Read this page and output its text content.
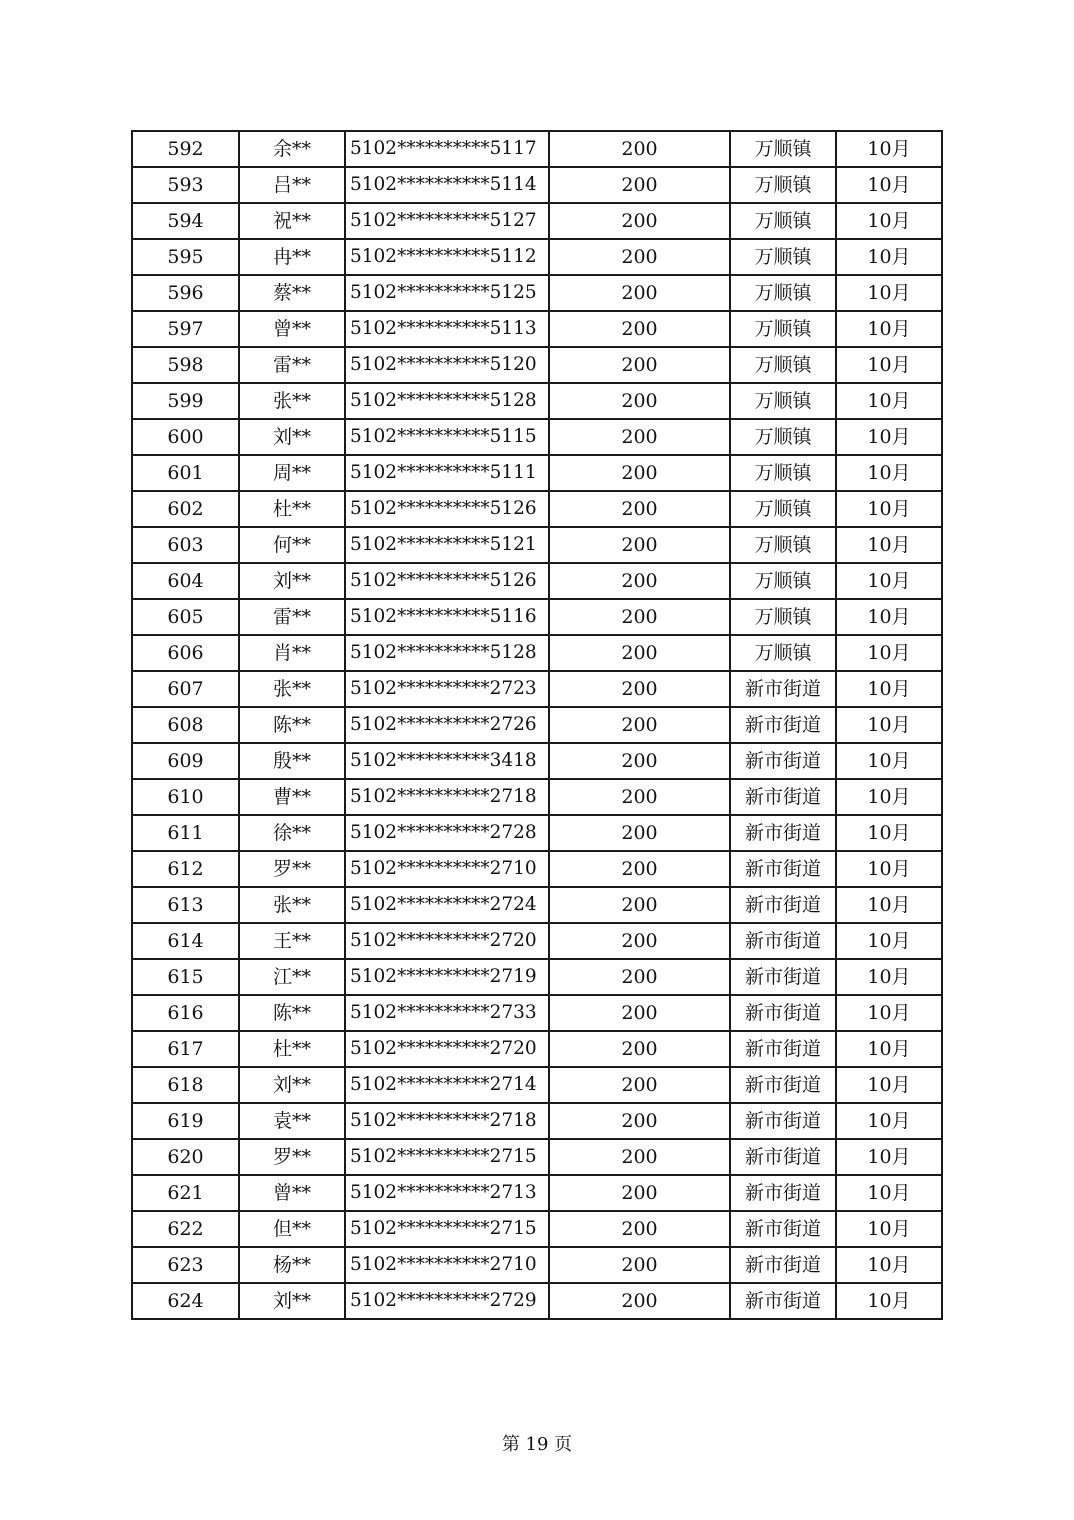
592	余**	5102**********5117	200	万顺镇	10月
593	吕**	5102**********5114	200	万顺镇	10月
594	祝**	5102**********5127	200	万顺镇	10月
595	冉**	5102**********5112	200	万顺镇	10月
596	蔡**	5102**********5125	200	万顺镇	10月
597	曾**	5102**********5113	200	万顺镇	10月
598	雷**	5102**********5120	200	万顺镇	10月
599	张**	5102**********5128	200	万顺镇	10月
600	刘**	5102**********5115	200	万顺镇	10月
601	周**	5102**********5111	200	万顺镇	10月
602	杜**	5102**********5126	200	万顺镇	10月
603	何**	5102**********5121	200	万顺镇	10月
604	刘**	5102**********5126	200	万顺镇	10月
605	雷**	5102**********5116	200	万顺镇	10月
606	肖**	5102**********5128	200	万顺镇	10月
607	张**	5102**********2723	200	新市街道	10月
608	陈**	5102**********2726	200	新市街道	10月
609	殷**	5102**********3418	200	新市街道	10月
610	曹**	5102**********2718	200	新市街道	10月
611	徐**	5102**********2728	200	新市街道	10月
612	罗**	5102**********2710	200	新市街道	10月
613	张**	5102**********2724	200	新市街道	10月
614	王**	5102**********2720	200	新市街道	10月
615	江**	5102**********2719	200	新市街道	10月
616	陈**	5102**********2733	200	新市街道	10月
617	杜**	5102**********2720	200	新市街道	10月
618	刘**	5102**********2714	200	新市街道	10月
619	袁**	5102**********2718	200	新市街道	10月
620	罗**	5102**********2715	200	新市街道	10月
621	曾**	5102**********2713	200	新市街道	10月
622	但**	5102**********2715	200	新市街道	10月
623	杨**	5102**********2710	200	新市街道	10月
624	刘**	5102**********2729	200	新市街道	10月
第 19 页
